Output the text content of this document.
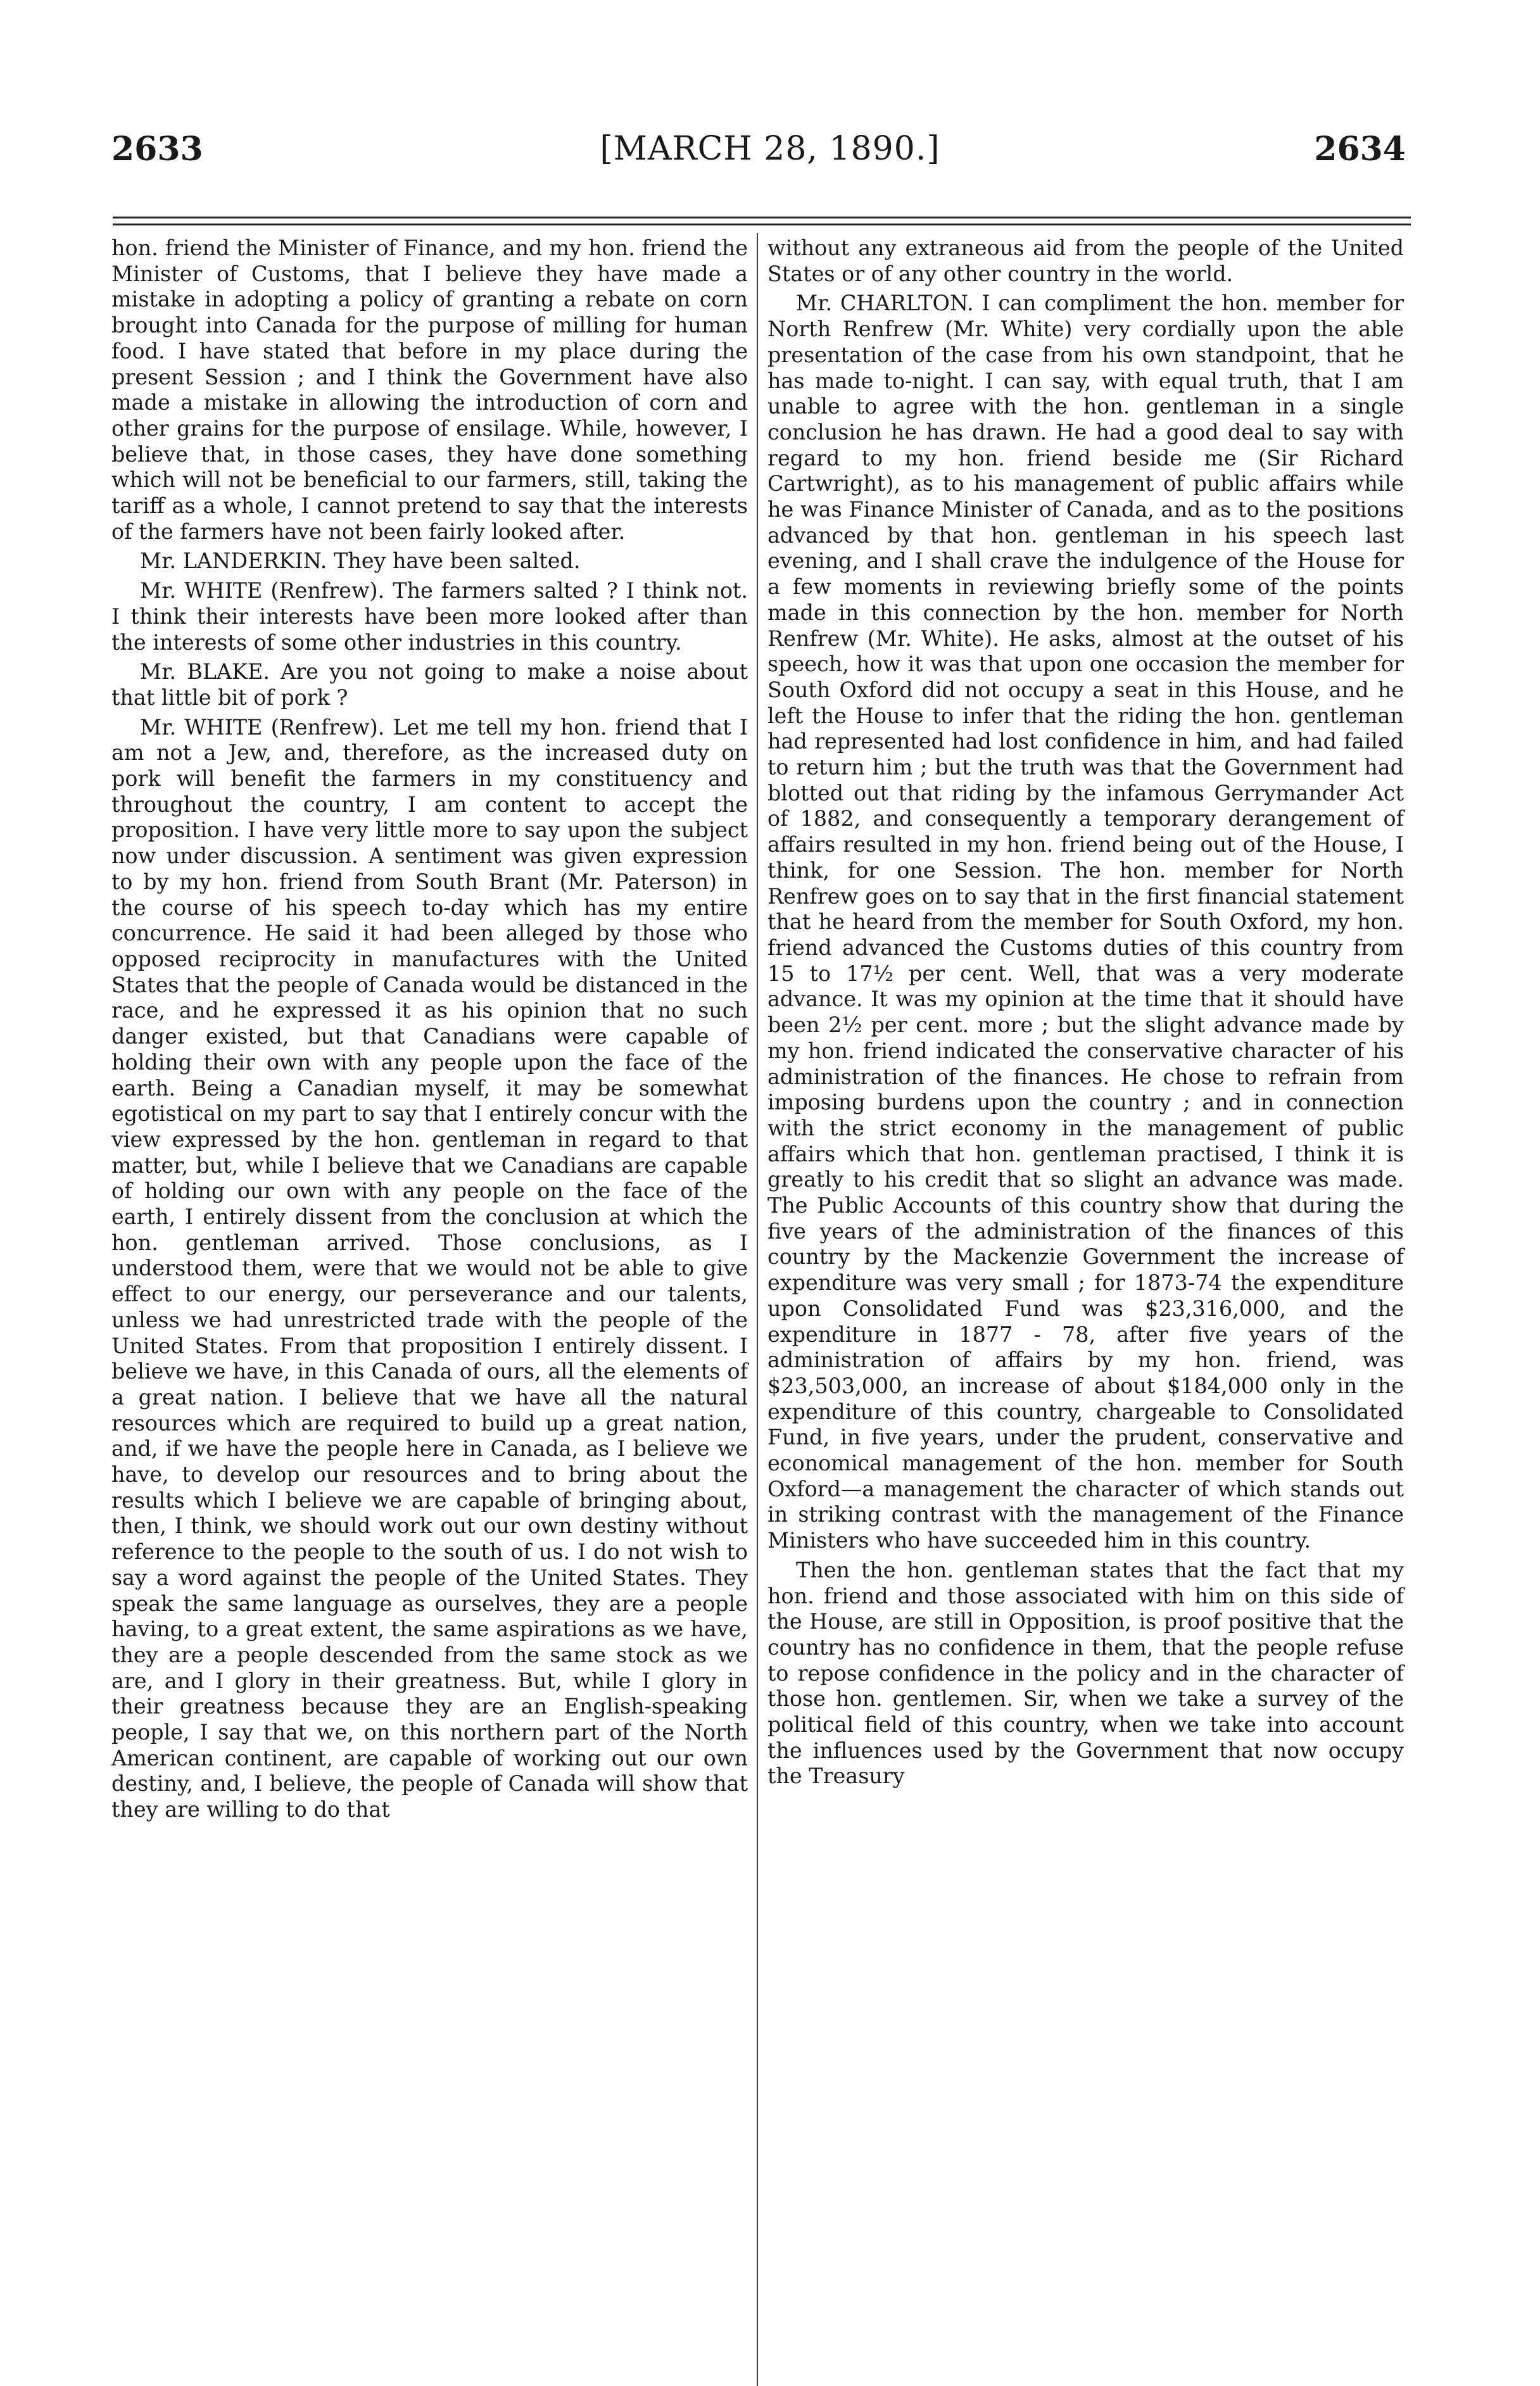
[MARCH 28, 1890.]
2633	2634

hon. friend the Minister of Finance, and my hon. friend the Minister of Customs, that I believe they have made a mistake in adopting a policy of granting a rebate on corn brought into Canada for the purpose of milling for human food. I have stated that before in my place during the present Session ; and I think the Government have also made a mistake in allowing the introduction of corn and other grains for the purpose of ensilage. While, however, I believe that, in those cases, they have done something which will not be beneficial to our farmers, still, taking the tariff as a whole, I cannot pretend to say that the interests of the farmers have not been fairly looked after.

Mr. LANDERKIN. They have been salted.

Mr. WHITE (Renfrew). The farmers salted ? I think not. I think their interests have been more looked after than the interests of some other industries in this country.

Mr. BLAKE. Are you not going to make a noise about that little bit of pork ?

Mr. WHITE (Renfrew). Let me tell my hon. friend that I am not a Jew, and, therefore, as the increased duty on pork will benefit the farmers in my constituency and throughout the country, I am content to accept the proposition. I have very little more to say upon the subject now under discussion. A sentiment was given expression to by my hon. friend from South Brant (Mr. Paterson) in the course of his speech to-day which has my entire concurrence. He said it had been alleged by those who opposed reciprocity in manufactures with the United States that the people of Canada would be distanced in the race, and he expressed it as his opinion that no such danger existed, but that Canadians were capable of holding their own with any people upon the face of the earth. Being a Canadian myself, it may be somewhat egotistical on my part to say that I entirely concur with the view expressed by the hon. gentleman in regard to that matter, but, while I believe that we Canadians are capable of holding our own with any people on the face of the earth, I entirely dissent from the conclusion at which the hon. gentleman arrived. Those conclusions, as I understood them, were that we would not be able to give effect to our energy, our perseverance and our talents, unless we had unrestricted trade with the people of the United States. From that proposition I entirely dissent. I believe we have, in this Canada of ours, all the elements of a great nation. I believe that we have all the natural resources which are required to build up a great nation, and, if we have the people here in Canada, as I believe we have, to develop our resources and to bring about the results which I believe we are capable of bringing about, then, I think, we should work out our own destiny without reference to the people to the south of us. I do not wish to say a word against the people of the United States. They speak the same language as ourselves, they are a people having, to a great extent, the same aspirations as we have, they are a people descended from the same stock as we are, and I glory in their greatness. But, while I glory in their greatness because they are an English-speaking people, I say that we, on this northern part of the North American continent, are capable of working out our own destiny, and, I believe, the people of Canada will show that they are willing to do that

without any extraneous aid from the people of the United States or of any other country in the world.

Mr. CHARLTON. I can compliment the hon. member for North Renfrew (Mr. White) very cordially upon the able presentation of the case from his own standpoint, that he has made to-night. I can say, with equal truth, that I am unable to agree with the hon. gentleman in a single conclusion he has drawn. He had a good deal to say with regard to my hon. friend beside me (Sir Richard Cartwright), as to his management of public affairs while he was Finance Minister of Canada, and as to the positions advanced by that hon. gentleman in his speech last evening, and I shall crave the indulgence of the House for a few moments in reviewing briefly some of the points made in this connection by the hon. member for North Renfrew (Mr. White). He asks, almost at the outset of his speech, how it was that upon one occasion the member for South Oxford did not occupy a seat in this House, and he left the House to infer that the riding the hon. gentleman had represented had lost confidence in him, and had failed to return him ; but the truth was that the Government had blotted out that riding by the infamous Gerrymander Act of 1882, and consequently a temporary derangement of affairs resulted in my hon. friend being out of the House, I think, for one Session. The hon. member for North Renfrew goes on to say that in the first financial statement that he heard from the member for South Oxford, my hon. friend advanced the Customs duties of this country from 15 to 17½ per cent. Well, that was a very moderate advance. It was my opinion at the time that it should have been 2½ per cent. more ; but the slight advance made by my hon. friend indicated the conservative character of his administration of the finances. He chose to refrain from imposing burdens upon the country ; and in connection with the strict economy in the management of public affairs which that hon. gentleman practised, I think it is greatly to his credit that so slight an advance was made. The Public Accounts of this country show that during the five years of the administration of the finances of this country by the Mackenzie Government the increase of expenditure was very small ; for 1873-74 the expenditure upon Consolidated Fund was $23,316,000, and the expenditure in 1877 - 78, after five years of the administration of affairs by my hon. friend, was $23,503,000, an increase of about $184,000 only in the expenditure of this country, chargeable to Consolidated Fund, in five years, under the prudent, conservative and economical management of the hon. member for South Oxford—a management the character of which stands out in striking contrast with the management of the Finance Ministers who have succeeded him in this country.

Then the hon. gentleman states that the fact that my hon. friend and those associated with him on this side of the House, are still in Opposition, is proof positive that the country has no confidence in them, that the people refuse to repose confidence in the policy and in the character of those hon. gentlemen. Sir, when we take a survey of the political field of this country, when we take into account the influences used by the Government that now occupy the Treasury
